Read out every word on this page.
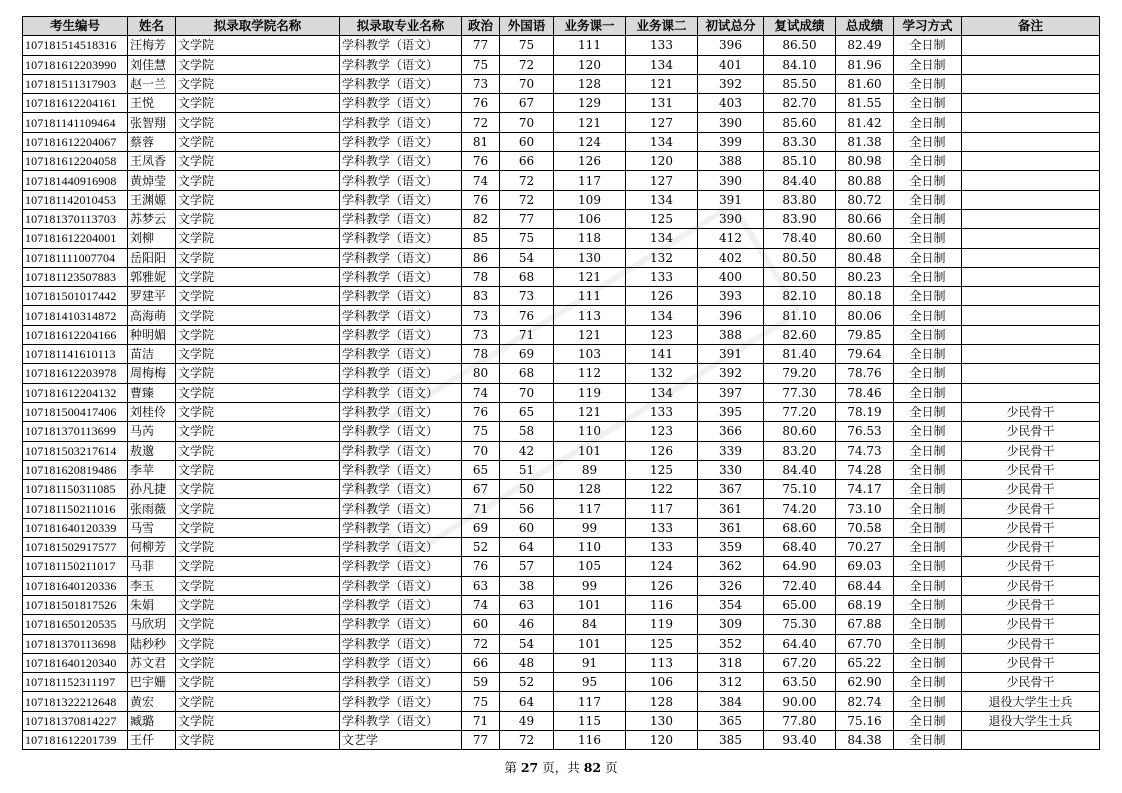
考生编号	姓名	拟录取学院名称	拟录取专业名称	政治	外国语	业务课一	业务课二	初试总分	复试成绩	总成绩	学习方式	备注
107181514518316	汪梅芳	文学院	学科教学（语文）	77	75	111	133	396	86.50	82.49	全日制	
107181612203990	刘佳慧	文学院	学科教学（语文）	75	72	120	134	401	84.10	81.96	全日制	
107181511317903	赵一兰	文学院	学科教学（语文）	73	70	128	121	392	85.50	81.60	全日制	
107181612204161	王悦	文学院	学科教学（语文）	76	67	129	131	403	82.70	81.55	全日制	
107181141109464	张智翔	文学院	学科教学（语文）	72	70	121	127	390	85.60	81.42	全日制	
107181612204067	蔡蓉	文学院	学科教学（语文）	81	60	124	134	399	83.30	81.38	全日制	
107181612204058	王凤香	文学院	学科教学（语文）	76	66	126	120	388	85.10	80.98	全日制	
107181440916908	黄焯莹	文学院	学科教学（语文）	74	72	117	127	390	84.40	80.88	全日制	
107181142010453	王渊嫄	文学院	学科教学（语文）	76	72	109	134	391	83.80	80.72	全日制	
107181370113703	苏梦云	文学院	学科教学（语文）	82	77	106	125	390	83.90	80.66	全日制	
107181612204001	刘柳	文学院	学科教学（语文）	85	75	118	134	412	78.40	80.60	全日制	
107181111007704	岳阳阳	文学院	学科教学（语文）	86	54	130	132	402	80.50	80.48	全日制	
107181123507883	郭雅妮	文学院	学科教学（语文）	78	68	121	133	400	80.50	80.23	全日制	
107181501017442	罗建平	文学院	学科教学（语文）	83	73	111	126	393	82.10	80.18	全日制	
107181410314872	高海萌	文学院	学科教学（语文）	73	76	113	134	396	81.10	80.06	全日制	
107181612204166	种明媚	文学院	学科教学（语文）	73	71	121	123	388	82.60	79.85	全日制	
107181141610113	苗洁	文学院	学科教学（语文）	78	69	103	141	391	81.40	79.64	全日制	
107181612203978	周梅梅	文学院	学科教学（语文）	80	68	112	132	392	79.20	78.76	全日制	
107181612204132	曹臻	文学院	学科教学（语文）	74	70	119	134	397	77.30	78.46	全日制	
107181500417406	刘桂伶	文学院	学科教学（语文）	76	65	121	133	395	77.20	78.19	全日制	少民骨干
107181370113699	马芮	文学院	学科教学（语文）	75	58	110	123	366	80.60	76.53	全日制	少民骨干
107181503217614	敖邈	文学院	学科教学（语文）	70	42	101	126	339	83.20	74.73	全日制	少民骨干
107181620819486	李苹	文学院	学科教学（语文）	65	51	89	125	330	84.40	74.28	全日制	少民骨干
107181150311085	孙凡捷	文学院	学科教学（语文）	67	50	128	122	367	75.10	74.17	全日制	少民骨干
107181150211016	张雨薇	文学院	学科教学（语文）	71	56	117	117	361	74.20	73.10	全日制	少民骨干
107181640120339	马雪	文学院	学科教学（语文）	69	60	99	133	361	68.60	70.58	全日制	少民骨干
107181502917577	何柳芳	文学院	学科教学（语文）	52	64	110	133	359	68.40	70.27	全日制	少民骨干
107181150211017	马菲	文学院	学科教学（语文）	76	57	105	124	362	64.90	69.03	全日制	少民骨干
107181640120336	李玉	文学院	学科教学（语文）	63	38	99	126	326	72.40	68.44	全日制	少民骨干
107181501817526	朱娟	文学院	学科教学（语文）	74	63	101	116	354	65.00	68.19	全日制	少民骨干
107181650120535	马欣玥	文学院	学科教学（语文）	60	46	84	119	309	75.30	67.88	全日制	少民骨干
107181370113698	陆秒秒	文学院	学科教学（语文）	72	54	101	125	352	64.40	67.70	全日制	少民骨干
107181640120340	苏文君	文学院	学科教学（语文）	66	48	91	113	318	67.20	65.22	全日制	少民骨干
107181152311197	巴宇姗	文学院	学科教学（语文）	59	52	95	106	312	63.50	62.90	全日制	少民骨干
107181322212648	黄宏	文学院	学科教学（语文）	75	64	117	128	384	90.00	82.74	全日制	退役大学生士兵
107181370814227	臧璐	文学院	学科教学（语文）	71	49	115	130	365	77.80	75.16	全日制	退役大学生士兵
107181612201739	王仟	文学院	文艺学	77	72	116	120	385	93.40	84.38	全日制	
第 27 页，共 82 页
